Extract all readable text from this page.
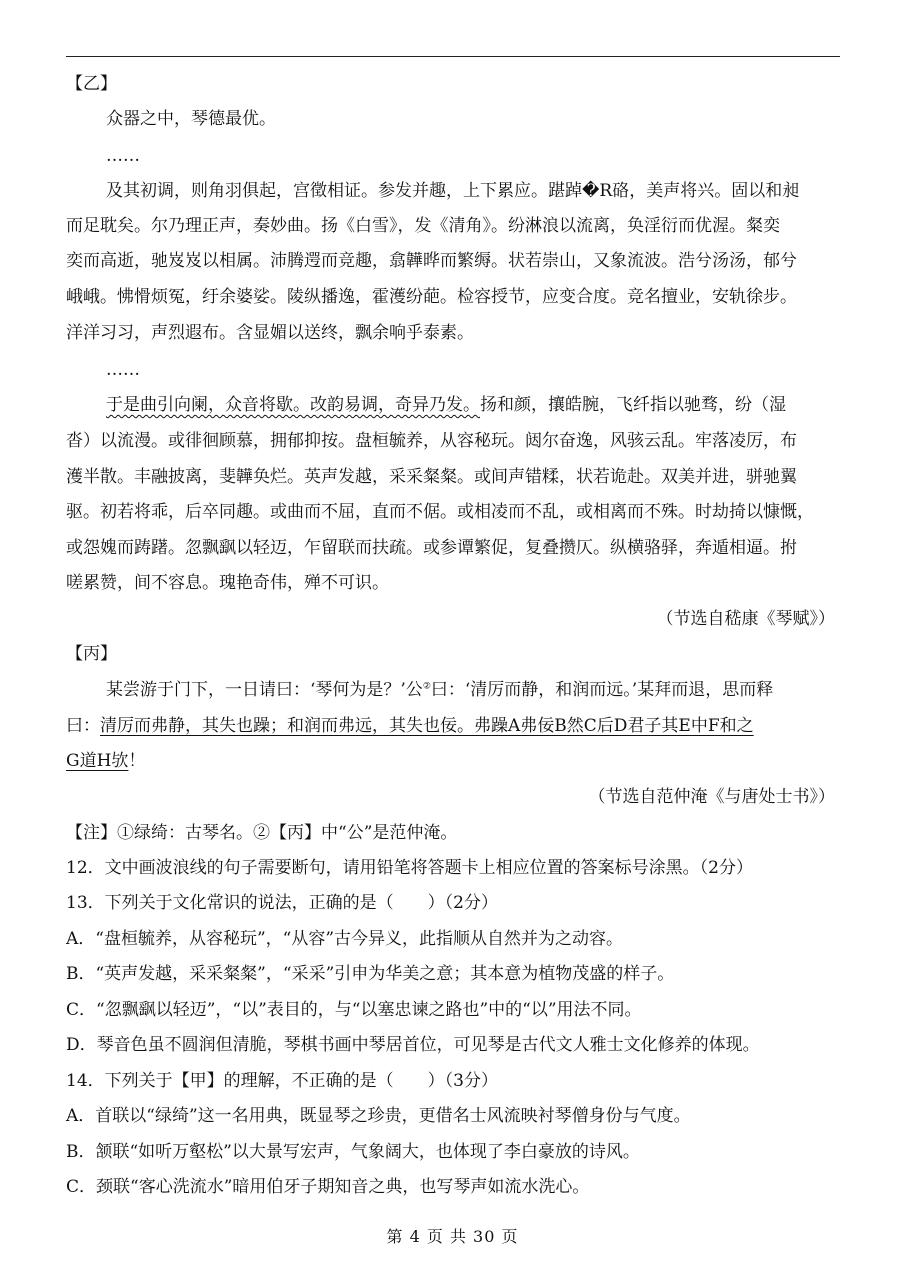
【乙】
众器之中，琴德最优。
……
及其初调，则角羽俱起，宫徵相证。参发并趣，上下累应。踸踔�R硌，美声将兴。固以和昶
而足耽矣。尔乃理正声，奏妙曲。扬《白雪》，发《清角》。纷淋浪以流离，奂淫衍而优渥。粲奕
奕而高逝，驰岌岌以相属。沛腾遌而竞趣，翕韡晔而繁缛。状若崇山，又象流波。浩兮汤汤，郁兮
峨峨。怫愲烦冤，纡余婆娑。陵纵播逸，霍濩纷葩。检容授节，应变合度。竞名擅业，安轨徐步。
洋洋习习，声烈遐布。含显媚以送终，飘余响乎泰素。
……
于是曲引向阑，众音将歇。改韵易调，奇异乃发。扬和颜，攘皓腕，飞纤指以驰骛，纷（湿
沓）以流漫。或徘徊顾慕，拥郁抑按。盘桓毓养，从容秘玩。闼尔奋逸，风骇云乱。牢落凌厉，布
濩半散。丰融披离，斐韡奂烂。英声发越，采采粲粲。或间声错糅，状若诡赴。双美并进，骈驰翼
驱。初若将乖，后卒同趣。或曲而不屈，直而不倨。或相凌而不乱，或相离而不殊。时劫掎以慷慨，
或怨媿而踌躇。忽飘飖以轻迈，乍留联而扶疏。或参谭繁促，复叠攒仄。纵横骆驿，奔遁相逼。拊
嗟累赞，间不容息。瑰艳奇伟，殚不可识。
（节选自嵇康《琴赋》）
【丙】
某尝游于门下，一日请曰：‘琴何为是？’公②曰：‘清厉而静，和润而远。’某拜而退，思而释
曰：清厉而弗静，其失也躁；和润而弗远，其失也佞。弗躁A弗佞B然C后D君子其E中F和之
G道H欤！
（节选自范仲淹《与唐处士书》）
【注】①绿绮：古琴名。②【丙】中“公”是范仲淹。
12．文中画波浪线的句子需要断句，请用铅笔将答题卡上相应位置的答案标号涂黑。（2分）
13．下列关于文化常识的说法，正确的是（　　）（2分）
A．“盘桓毓养，从容秘玩”，“从容”古今异义，此指顺从自然并为之动容。
B．“英声发越，采采粲粲”，“采采”引申为华美之意；其本意为植物茂盛的样子。
C．“忽飘飖以轻迈”，“以”表目的，与“以塞忠谏之路也”中的“以”用法不同。
D．琴音色虽不圆润但清脆，琴棋书画中琴居首位，可见琴是古代文人雅士文化修养的体现。
14．下列关于【甲】的理解，不正确的是（　　）（3分）
A．首联以“绿绮”这一名用典，既显琴之珍贵，更借名士风流映衬琴僧身份与气度。
B．颔联“如听万壑松”以大景写宏声，气象阔大，也体现了李白豪放的诗风。
C．颈联“客心洗流水”暗用伯牙子期知音之典，也写琴声如流水洗心。
第 4 页 共 30 页
